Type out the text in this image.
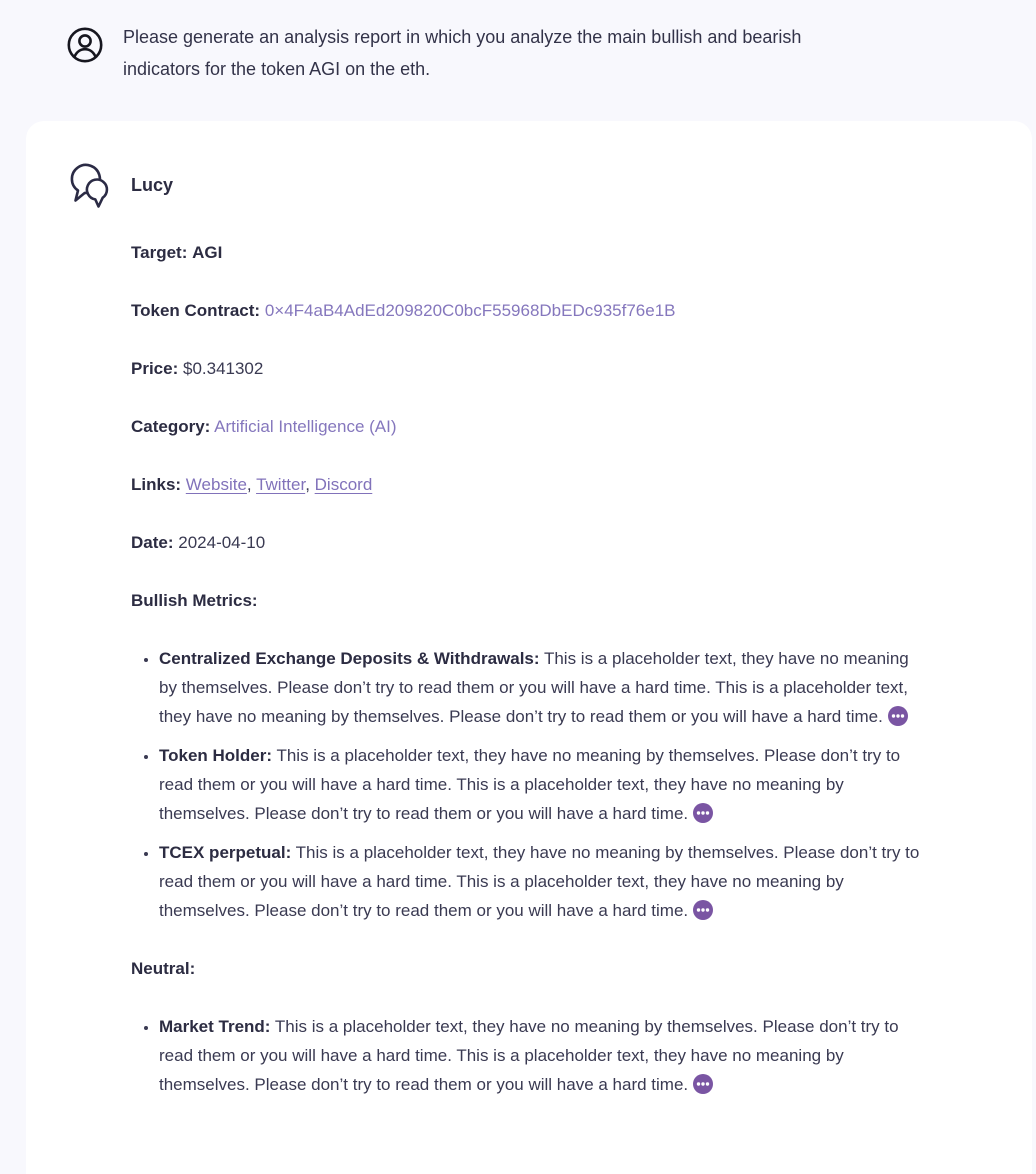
Please generate an analysis report in which you analyze the main bullish and bearish indicators for the token AGI on the eth.
Lucy

Target: AGI

Token Contract: 0×4F4aB4AdEd209820C0bcF55968DbEDc935f76e1B

Price: $0.341302

Category: Artificial Intelligence (AI)

Links: Website, Twitter, Discord

Date: 2024-04-10

Bullish Metrics:

• Centralized Exchange Deposits & Withdrawals: This is a placeholder text, they have no meaning by themselves. Please don’t try to read them or you will have a hard time. This is a placeholder text, they have no meaning by themselves. Please don’t try to read them or you will have a hard time.
• Token Holder: This is a placeholder text, they have no meaning by themselves. Please don’t try to read them or you will have a hard time. This is a placeholder text, they have no meaning by themselves. Please don’t try to read them or you will have a hard time.
• TCEX perpetual: This is a placeholder text, they have no meaning by themselves. Please don’t try to read them or you will have a hard time. This is a placeholder text, they have no meaning by themselves. Please don’t try to read them or you will have a hard time.

Neutral:

• Market Trend: This is a placeholder text, they have no meaning by themselves. Please don’t try to read them or you will have a hard time. This is a placeholder text, they have no meaning by themselves. Please don’t try to read them or you will have a hard time.
